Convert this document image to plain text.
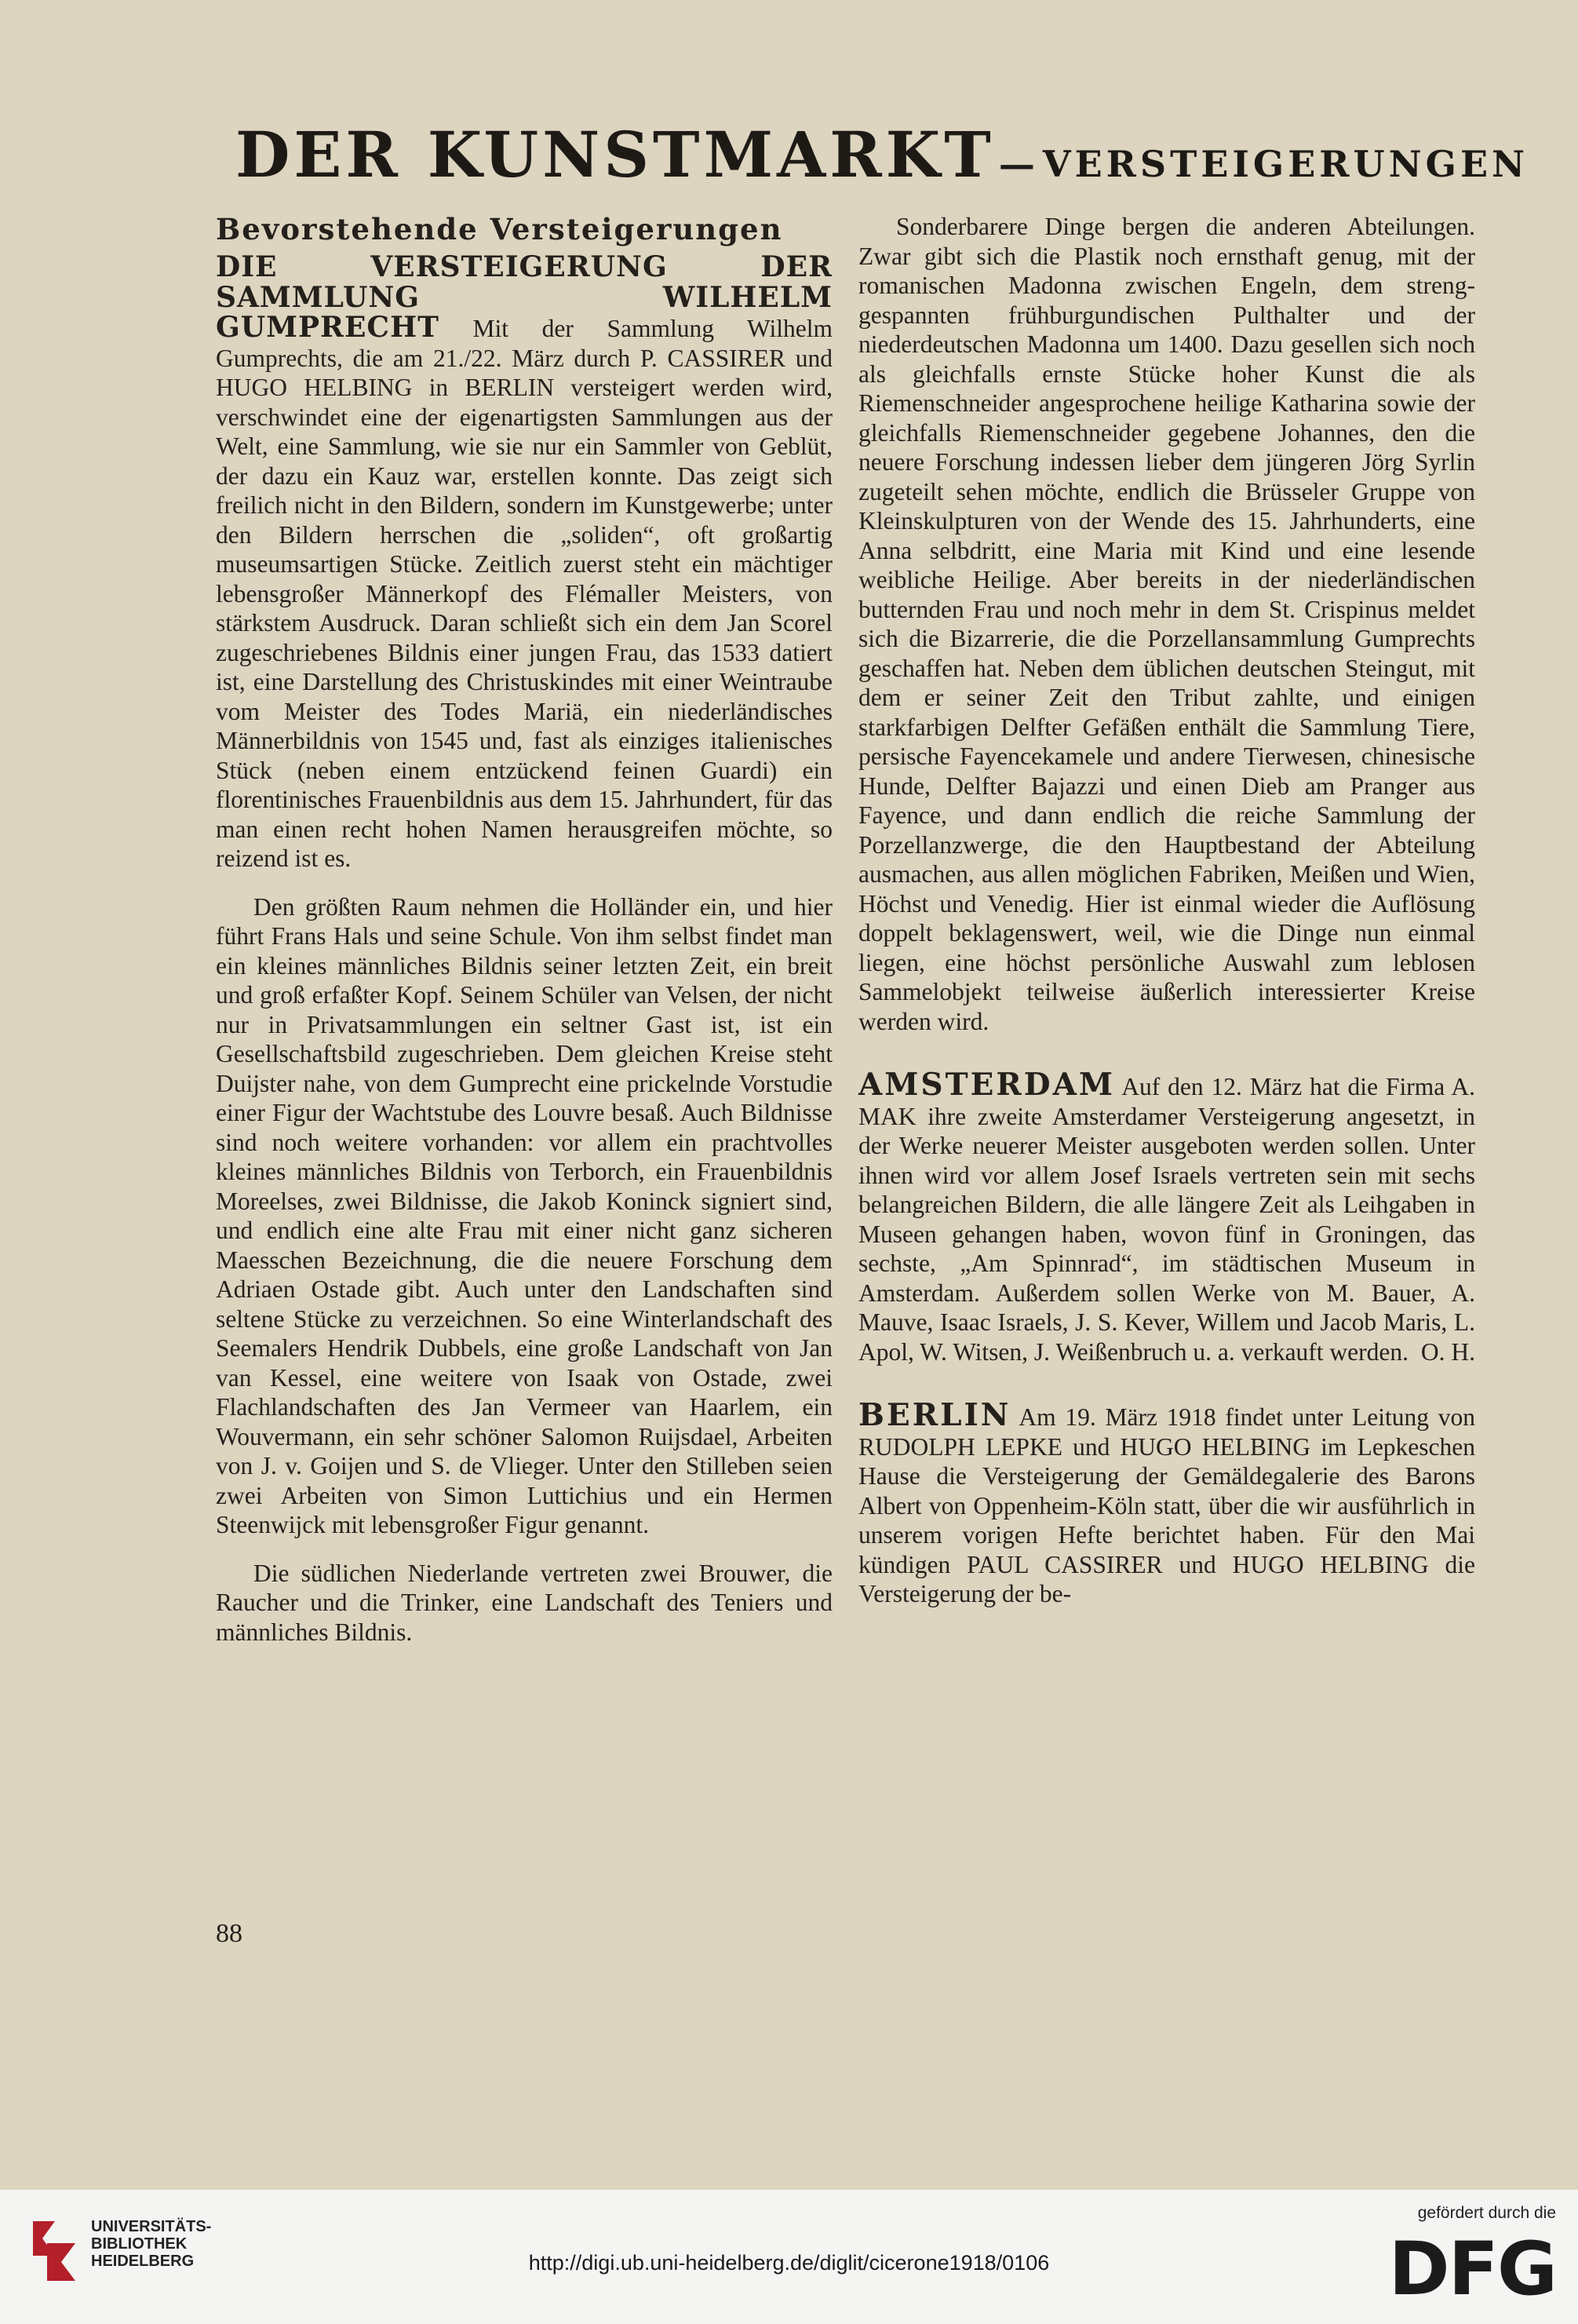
DER KUNSTMARKT — VERSTEIGERUNGEN

Bevorstehende Versteigerungen

DIE VERSTEIGERUNG DER SAMMLUNG WILHELM GUMPRECHT Mit der Sammlung Wilhelm Gumprechts, die am 21./22. März durch P. CASSIRER und HUGO HELBING in BERLIN versteigert werden wird, verschwindet eine der eigenartigsten Sammlungen aus der Welt, eine Sammlung, wie sie nur ein Sammler von Geblüt, der dazu ein Kauz war, erstellen konnte. Das zeigt sich freilich nicht in den Bildern, sondern im Kunstgewerbe; unter den Bildern herrschen die „soliden“, oft großartig museumsartigen Stücke. Zeitlich zuerst steht ein mächtiger lebensgroßer Männerkopf des Flémaller Meisters, von stärkstem Ausdruck. Daran schließt sich ein dem Jan Scorel zugeschriebenes Bildnis einer jungen Frau, das 1533 datiert ist, eine Darstellung des Christuskindes mit einer Weintraube vom Meister des Todes Mariä, ein niederländisches Männerbildnis von 1545 und, fast als einziges italienisches Stück (neben einem entzückend feinen Guardi) ein florentinisches Frauenbildnis aus dem 15. Jahrhundert, für das man einen recht hohen Namen herausgreifen möchte, so reizend ist es.

Den größten Raum nehmen die Holländer ein, und hier führt Frans Hals und seine Schule. Von ihm selbst findet man ein kleines männliches Bildnis seiner letzten Zeit, ein breit und groß erfaßter Kopf. Seinem Schüler van Velsen, der nicht nur in Privatsammlungen ein seltner Gast ist, ist ein Gesellschaftsbild zugeschrieben. Dem gleichen Kreise steht Duijster nahe, von dem Gumprecht eine prickelnde Vorstudie einer Figur der Wachtstube des Louvre besaß. Auch Bildnisse sind noch weitere vorhanden: vor allem ein prachtvolles kleines männliches Bildnis von Terborch, ein Frauenbildnis Moreelses, zwei Bildnisse, die Jakob Koninck signiert sind, und endlich eine alte Frau mit einer nicht ganz sicheren Maesschen Bezeichnung, die die neuere Forschung dem Adriaen Ostade gibt. Auch unter den Landschaften sind seltene Stücke zu verzeichnen. So eine Winterlandschaft des Seemalers Hendrik Dubbels, eine große Landschaft von Jan van Kessel, eine weitere von Isaak von Ostade, zwei Flachlandschaften des Jan Vermeer van Haarlem, ein Wouvermann, ein sehr schöner Salomon Ruijsdael, Arbeiten von J. v. Goijen und S. de Vlieger. Unter den Stilleben seien zwei Arbeiten von Simon Luttichius und ein Hermen Steenwijck mit lebensgroßer Figur genannt.

Die südlichen Niederlande vertreten zwei Brouwer, die Raucher und die Trinker, eine Landschaft des Teniers und männliches Bildnis.

Sonderbarere Dinge bergen die anderen Abteilungen. Zwar gibt sich die Plastik noch ernsthaft genug, mit der romanischen Madonna zwischen Engeln, dem streng-gespannten frühburgundischen Pulthalter und der niederdeutschen Madonna um 1400. Dazu gesellen sich noch als gleichfalls ernste Stücke hoher Kunst die als Riemenschneider angesprochene heilige Katharina sowie der gleichfalls Riemenschneider gegebene Johannes, den die neuere Forschung indessen lieber dem jüngeren Jörg Syrlin zugeteilt sehen möchte, endlich die Brüsseler Gruppe von Kleinskulpturen von der Wende des 15. Jahrhunderts, eine Anna selbdritt, eine Maria mit Kind und eine lesende weibliche Heilige. Aber bereits in der niederländischen butternden Frau und noch mehr in dem St. Crispinus meldet sich die Bizarrerie, die die Porzellansammlung Gumprechts geschaffen hat. Neben dem üblichen deutschen Steingut, mit dem er seiner Zeit den Tribut zahlte, und einigen starkfarbigen Delfter Gefäßen enthält die Sammlung Tiere, persische Fayencekamele und andere Tierwesen, chinesische Hunde, Delfter Bajazzi und einen Dieb am Pranger aus Fayence, und dann endlich die reiche Sammlung der Porzellanzwerge, die den Hauptbestand der Abteilung ausmachen, aus allen möglichen Fabriken, Meißen und Wien, Höchst und Venedig. Hier ist einmal wieder die Auflösung doppelt beklagenswert, weil, wie die Dinge nun einmal liegen, eine höchst persönliche Auswahl zum leblosen Sammelobjekt teilweise äußerlich interessierter Kreise werden wird.

AMSTERDAM Auf den 12. März hat die Firma A. MAK ihre zweite Amsterdamer Versteigerung angesetzt, in der Werke neuerer Meister ausgeboten werden sollen. Unter ihnen wird vor allem Josef Israels vertreten sein mit sechs belangreichen Bildern, die alle längere Zeit als Leihgaben in Museen gehangen haben, wovon fünf in Groningen, das sechste, „Am Spinnrad“, im städtischen Museum in Amsterdam. Außerdem sollen Werke von M. Bauer, A. Mauve, Isaac Israels, J. S. Kever, Willem und Jacob Maris, L. Apol, W. Witsen, J. Weißenbruch u. a. verkauft werden. O. H.

BERLIN Am 19. März 1918 findet unter Leitung von RUDOLPH LEPKE und HUGO HELBING im Lepkeschen Hause die Versteigerung der Gemäldegalerie des Barons Albert von Oppenheim-Köln statt, über die wir ausführlich in unserem vorigen Hefte berichtet haben. Für den Mai kündigen PAUL CASSIRER und HUGO HELBING die Versteigerung der be-

88
UNIVERSITÄTS-
BIBLIOTHEK
HEIDELBERG	http://digi.ub.uni-heidelberg.de/diglit/cicerone1918/0106
gefördert durch die
DFG
